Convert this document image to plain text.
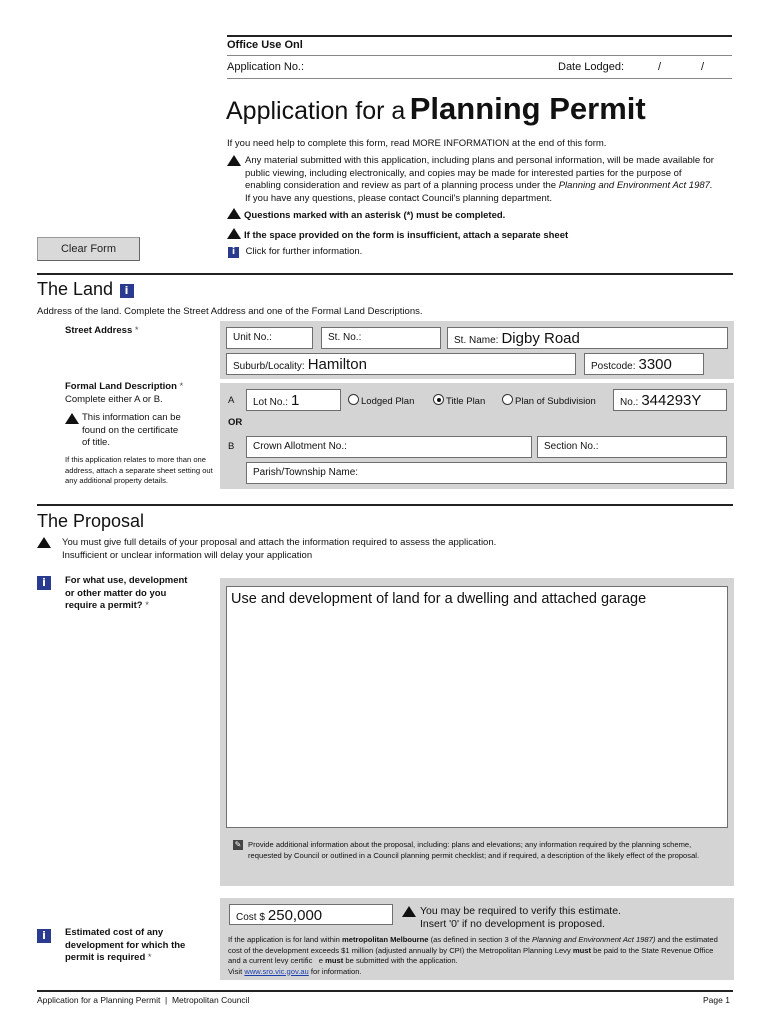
Office Use Onl
Application No.:	Date Lodged:	/	/
Application for a Planning Permit
If you need help to complete this form, read MORE INFORMATION at the end of this form.
Any material submitted with this application, including plans and personal information, will be made available for public viewing, including electronically, and copies may be made for interested parties for the purpose of enabling consideration and review as part of a planning process under the Planning and Environment Act 1987. If you have any questions, please contact Council's planning department.
Questions marked with an asterisk (*) must be completed.
If the space provided on the form is insufficient, attach a separate sheet
i Click for further information.
Clear Form
The Land i
Address of the land. Complete the Street Address and one of the Formal Land Descriptions.
Street Address *
Unit No.:	St. No.:	St. Name: Digby Road
Suburb/Locality: Hamilton	Postcode: 3300
Formal Land Description *
Complete either A or B.
This information can be
found on the certificate
of title.
If this application relates to more than one address, attach a separate sheet setting out any additional property details.
A	Lot No.: 1	Lodged Plan	Title Plan	Plan of Subdivision	No.: 344293Y
OR
B	Crown Allotment No.:	Section No.:
Parish/Township Name:
The Proposal
You must give full details of your proposal and attach the information required to assess the application.
Insufficient or unclear information will delay your application
i	For what use, development
or other matter do you
require a permit? *	Use and development of land for a dwelling and attached garage
✎ Provide additional information about the proposal, including: plans and elevations; any information required by the planning scheme, requested by Council or outlined in a Council planning permit checklist; and if required, a description of the likely effect of the proposal.
i	Estimated cost of any
development for which the
permit is required *
Cost $ 250,000	You may be required to verify this estimate.
Insert '0' if no development is proposed.
If the application is for land within metropolitan Melbourne (as defined in section 3 of the Planning and Environment Act 1987) and the estimated cost of the development exceeds $1 million (adjusted annually by CPI) the Metropolitan Planning Levy must be paid to the State Revenue Office and a current levy certific e must be submitted with the application.
Visit www.sro.vic.gov.au for information.
Application for a Planning Permit  |  Metropolitan Council	Page 1
